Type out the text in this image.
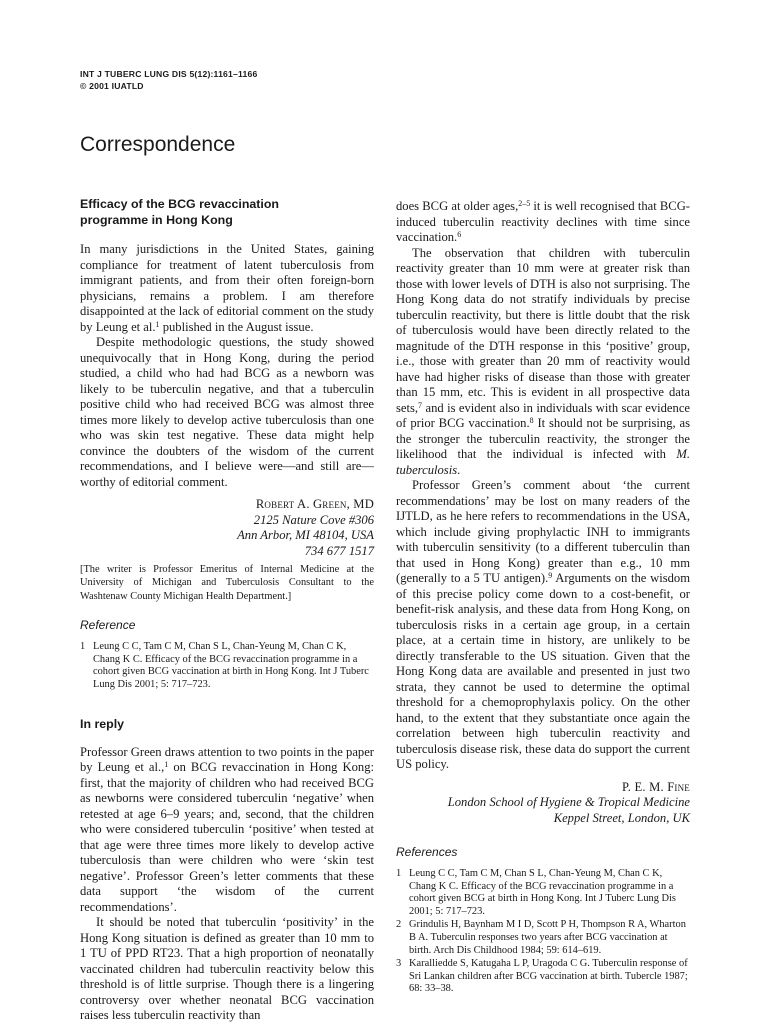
INT J TUBERC LUNG DIS 5(12):1161–1166
© 2001 IUATLD
Correspondence
Efficacy of the BCG revaccination
programme in Hong Kong

In many jurisdictions in the United States, gaining compliance for treatment of latent tuberculosis from immigrant patients, and from their often foreign-born physicians, remains a problem. I am therefore disappointed at the lack of editorial comment on the study by Leung et al.$^1$ published in the August issue.

Despite methodologic questions, the study showed unequivocally that in Hong Kong, during the period studied, a child who had had BCG as a newborn was likely to be tuberculin negative, and that a tuberculin positive child who had received BCG was almost three times more likely to develop active tuberculosis than one who was skin test negative. These data might help convince the doubters of the wisdom of the current recommendations, and I believe were—and still are—worthy of editorial comment.

Robert A. Green, MD
2125 Nature Cove #306
Ann Arbor, MI 48104, USA
734 677 1517
[The writer is Professor Emeritus of Internal Medicine at the University of Michigan and Tuberculosis Consultant to the Washtenaw County Michigan Health Department.]
Reference
1 Leung C C, Tam C M, Chan S L, Chan-Yeung M, Chan C K, Chang K C. Efficacy of the BCG revaccination programme in a cohort given BCG vaccination at birth in Hong Kong. Int J Tuberc Lung Dis 2001; 5: 717–723.
In reply

Professor Green draws attention to two points in the paper by Leung et al.,$^1$ on BCG revaccination in Hong Kong: first, that the majority of children who had received BCG as newborns were considered tuberculin ‘negative’ when retested at age 6–9 years; and, second, that the children who were considered tuberculin ‘positive’ when tested at that age were three times more likely to develop active tuberculosis than were children who were ‘skin test negative’. Professor Green’s letter comments that these data support ‘the wisdom of the current recommendations’.

It should be noted that tuberculin ‘positivity’ in the Hong Kong situation is defined as greater than 10 mm to 1 TU of PPD RT23. That a high proportion of neonatally vaccinated children had tuberculin reactivity below this threshold is of little surprise. Though there is a lingering controversy over whether neonatal BCG vaccination raises less tuberculin reactivity than

does BCG at older ages,$^{2-5}$ it is well recognised that BCG-induced tuberculin reactivity declines with time since vaccination.$^6$

The observation that children with tuberculin reactivity greater than 10 mm were at greater risk than those with lower levels of DTH is also not surprising. The Hong Kong data do not stratify individuals by precise tuberculin reactivity, but there is little doubt that the risk of tuberculosis would have been directly related to the magnitude of the DTH response in this ‘positive’ group, i.e., those with greater than 20 mm of reactivity would have had higher risks of disease than those with greater than 15 mm, etc. This is evident in all prospective data sets,$^7$ and is evident also in individuals with scar evidence of prior BCG vaccination.$^8$ It should not be surprising, as the stronger the tuberculin reactivity, the stronger the likelihood that the individual is infected with M. tuberculosis.

Professor Green’s comment about ‘the current recommendations’ may be lost on many readers of the IJTLD, as he here refers to recommendations in the USA, which include giving prophylactic INH to immigrants with tuberculin sensitivity (to a different tuberculin than that used in Hong Kong) greater than e.g., 10 mm (generally to a 5 TU antigen).$^9$ Arguments on the wisdom of this precise policy come down to a cost-benefit, or benefit-risk analysis, and these data from Hong Kong, on tuberculosis risks in a certain age group, in a certain place, at a certain time in history, are unlikely to be directly transferable to the US situation. Given that the Hong Kong data are available and presented in just two strata, they cannot be used to determine the optimal threshold for a chemoprophylaxis policy. On the other hand, to the extent that they substantiate once again the correlation between high tuberculin reactivity and tuberculosis disease risk, these data do support the current US policy.

P. E. M. Fine
London School of Hygiene & Tropical Medicine
Keppel Street, London, UK
References
1 Leung C C, Tam C M, Chan S L, Chan-Yeung M, Chan C K, Chang K C. Efficacy of the BCG revaccination programme in a cohort given BCG at birth in Hong Kong. Int J Tuberc Lung Dis 2001; 5: 717–723.
2 Grindulis H, Baynham M I D, Scott P H, Thompson R A, Wharton B A. Tuberculin responses two years after BCG vaccination at birth. Arch Dis Childhood 1984; 59: 614–619.
3 Karalliedde S, Katugaha L P, Uragoda C G. Tuberculin response of Sri Lankan children after BCG vaccination at birth. Tubercle 1987; 68: 33–38.
